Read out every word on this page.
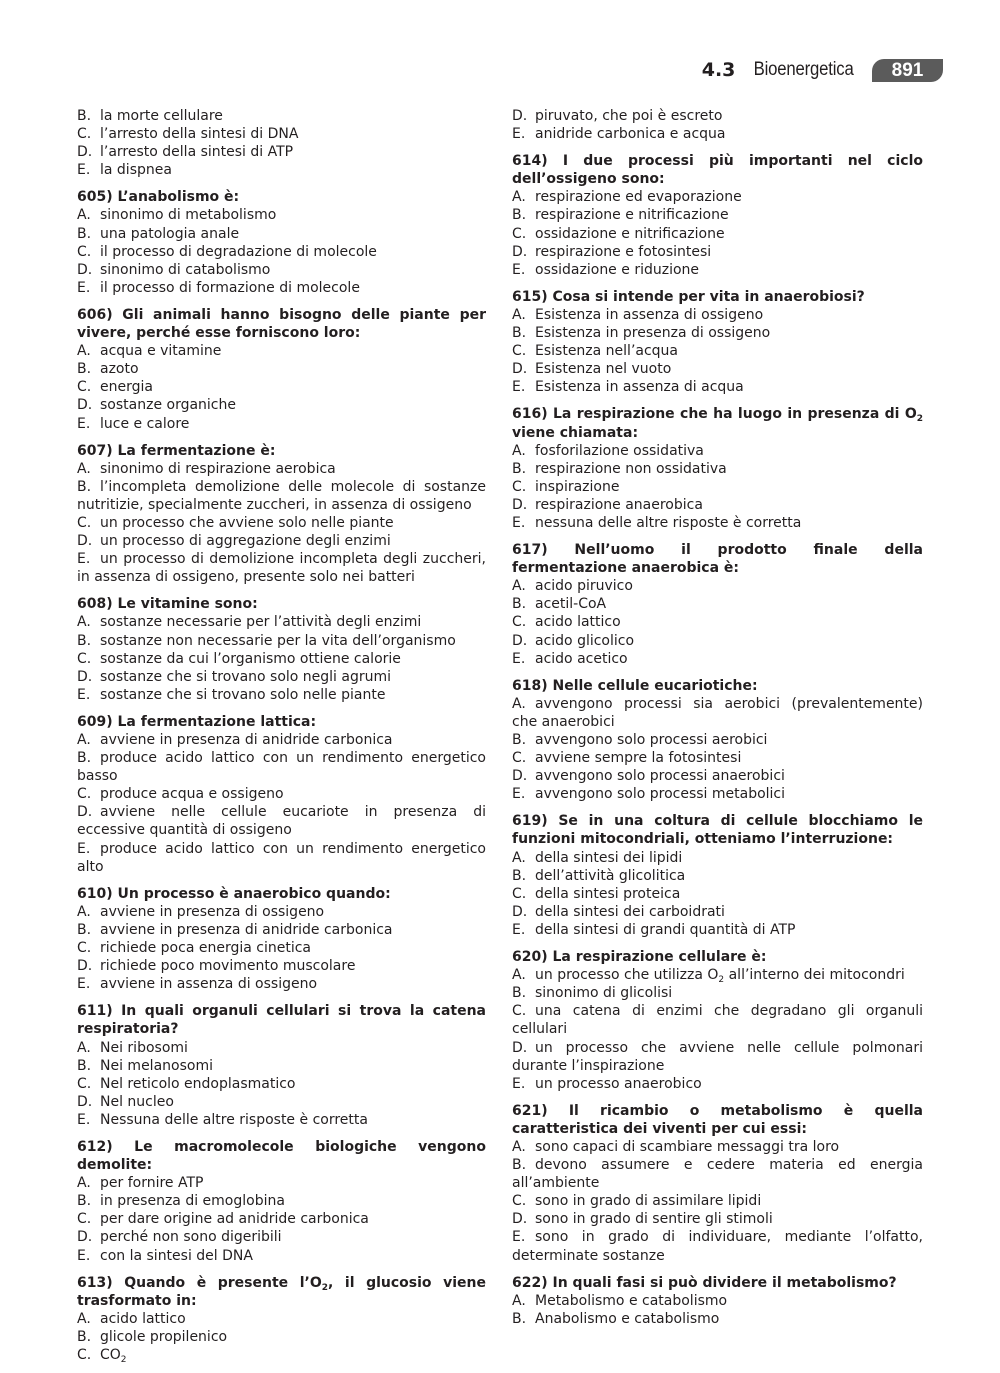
4.3 Bioenergetica	891
B. la morte cellulare
C. l’arresto della sintesi di DNA
D. l’arresto della sintesi di ATP
E. la dispnea
605) L’anabolismo è:
A. sinonimo di metabolismo
B. una patologia anale
C. il processo di degradazione di molecole
D. sinonimo di catabolismo
E. il processo di formazione di molecole
606) Gli animali hanno bisogno delle piante per vivere, perché esse forniscono loro:
A. acqua e vitamine
B. azoto
C. energia
D. sostanze organiche
E. luce e calore
607) La fermentazione è:
A. sinonimo di respirazione aerobica
B. l’incompleta demolizione delle molecole di sostanze nutritizie, specialmente zuccheri, in assenza di ossigeno
C. un processo che avviene solo nelle piante
D. un processo di aggregazione degli enzimi
E. un processo di demolizione incompleta degli zuccheri, in assenza di ossigeno, presente solo nei batteri
608) Le vitamine sono:
A. sostanze necessarie per l’attività degli enzimi
B. sostanze non necessarie per la vita dell’organismo
C. sostanze da cui l’organismo ottiene calorie
D. sostanze che si trovano solo negli agrumi
E. sostanze che si trovano solo nelle piante
609) La fermentazione lattica:
A. avviene in presenza di anidride carbonica
B. produce acido lattico con un rendimento energetico basso
C. produce acqua e ossigeno
D. avviene nelle cellule eucariote in presenza di eccessive quantità di ossigeno
E. produce acido lattico con un rendimento energetico alto
610) Un processo è anaerobico quando:
A. avviene in presenza di ossigeno
B. avviene in presenza di anidride carbonica
C. richiede poca energia cinetica
D. richiede poco movimento muscolare
E. avviene in assenza di ossigeno
611) In quali organuli cellulari si trova la catena respiratoria?
A. Nei ribosomi
B. Nei melanosomi
C. Nel reticolo endoplasmatico
D. Nel nucleo
E. Nessuna delle altre risposte è corretta
612) Le macromolecole biologiche vengono demolite:
A. per fornire ATP
B. in presenza di emoglobina
C. per dare origine ad anidride carbonica
D. perché non sono digeribili
E. con la sintesi del DNA
613) Quando è presente $l’O_2$, il glucosio viene trasformato in:
A. acido lattico
B. glicole propilenico
C. $CO_2$
D. piruvato, che poi è escreto
E. anidride carbonica e acqua
614) I due processi più importanti nel ciclo dell’ossigeno sono:
A. respirazione ed evaporazione
B. respirazione e nitrificazione
C. ossidazione e nitrificazione
D. respirazione e fotosintesi
E. ossidazione e riduzione
615) Cosa si intende per vita in anaerobiosi?
A. Esistenza in assenza di ossigeno
B. Esistenza in presenza di ossigeno
C. Esistenza nell’acqua
D. Esistenza nel vuoto
E. Esistenza in assenza di acqua
616) La respirazione che ha luogo in presenza di $O_2$ viene chiamata:
A. fosforilazione ossidativa
B. respirazione non ossidativa
C. inspirazione
D. respirazione anaerobica
E. nessuna delle altre risposte è corretta
617) Nell’uomo il prodotto finale della fermentazione anaerobica è:
A. acido piruvico
B. acetil-CoA
C. acido lattico
D. acido glicolico
E. acido acetico
618) Nelle cellule eucariotiche:
A. avvengono processi sia aerobici (prevalentemente) che anaerobici
B. avvengono solo processi aerobici
C. avviene sempre la fotosintesi
D. avvengono solo processi anaerobici
E. avvengono solo processi metabolici
619) Se in una coltura di cellule blocchiamo le funzioni mitocondriali, otteniamo l’interruzione:
A. della sintesi dei lipidi
B. dell’attività glicolitica
C. della sintesi proteica
D. della sintesi dei carboidrati
E. della sintesi di grandi quantità di ATP
620) La respirazione cellulare è:
A. un processo che utilizza $O_2$ all’interno dei mitocondri
B. sinonimo di glicolisi
C. una catena di enzimi che degradano gli organuli cellulari
D. un processo che avviene nelle cellule polmonari durante l’inspirazione
E. un processo anaerobico
621) Il ricambio o metabolismo è quella caratteristica dei viventi per cui essi:
A. sono capaci di scambiare messaggi tra loro
B. devono assumere e cedere materia ed energia all’ambiente
C. sono in grado di assimilare lipidi
D. sono in grado di sentire gli stimoli
E. sono in grado di individuare, mediante l’olfatto, determinate sostanze
622) In quali fasi si può dividere il metabolismo?
A. Metabolismo e catabolismo
B. Anabolismo e catabolismo
